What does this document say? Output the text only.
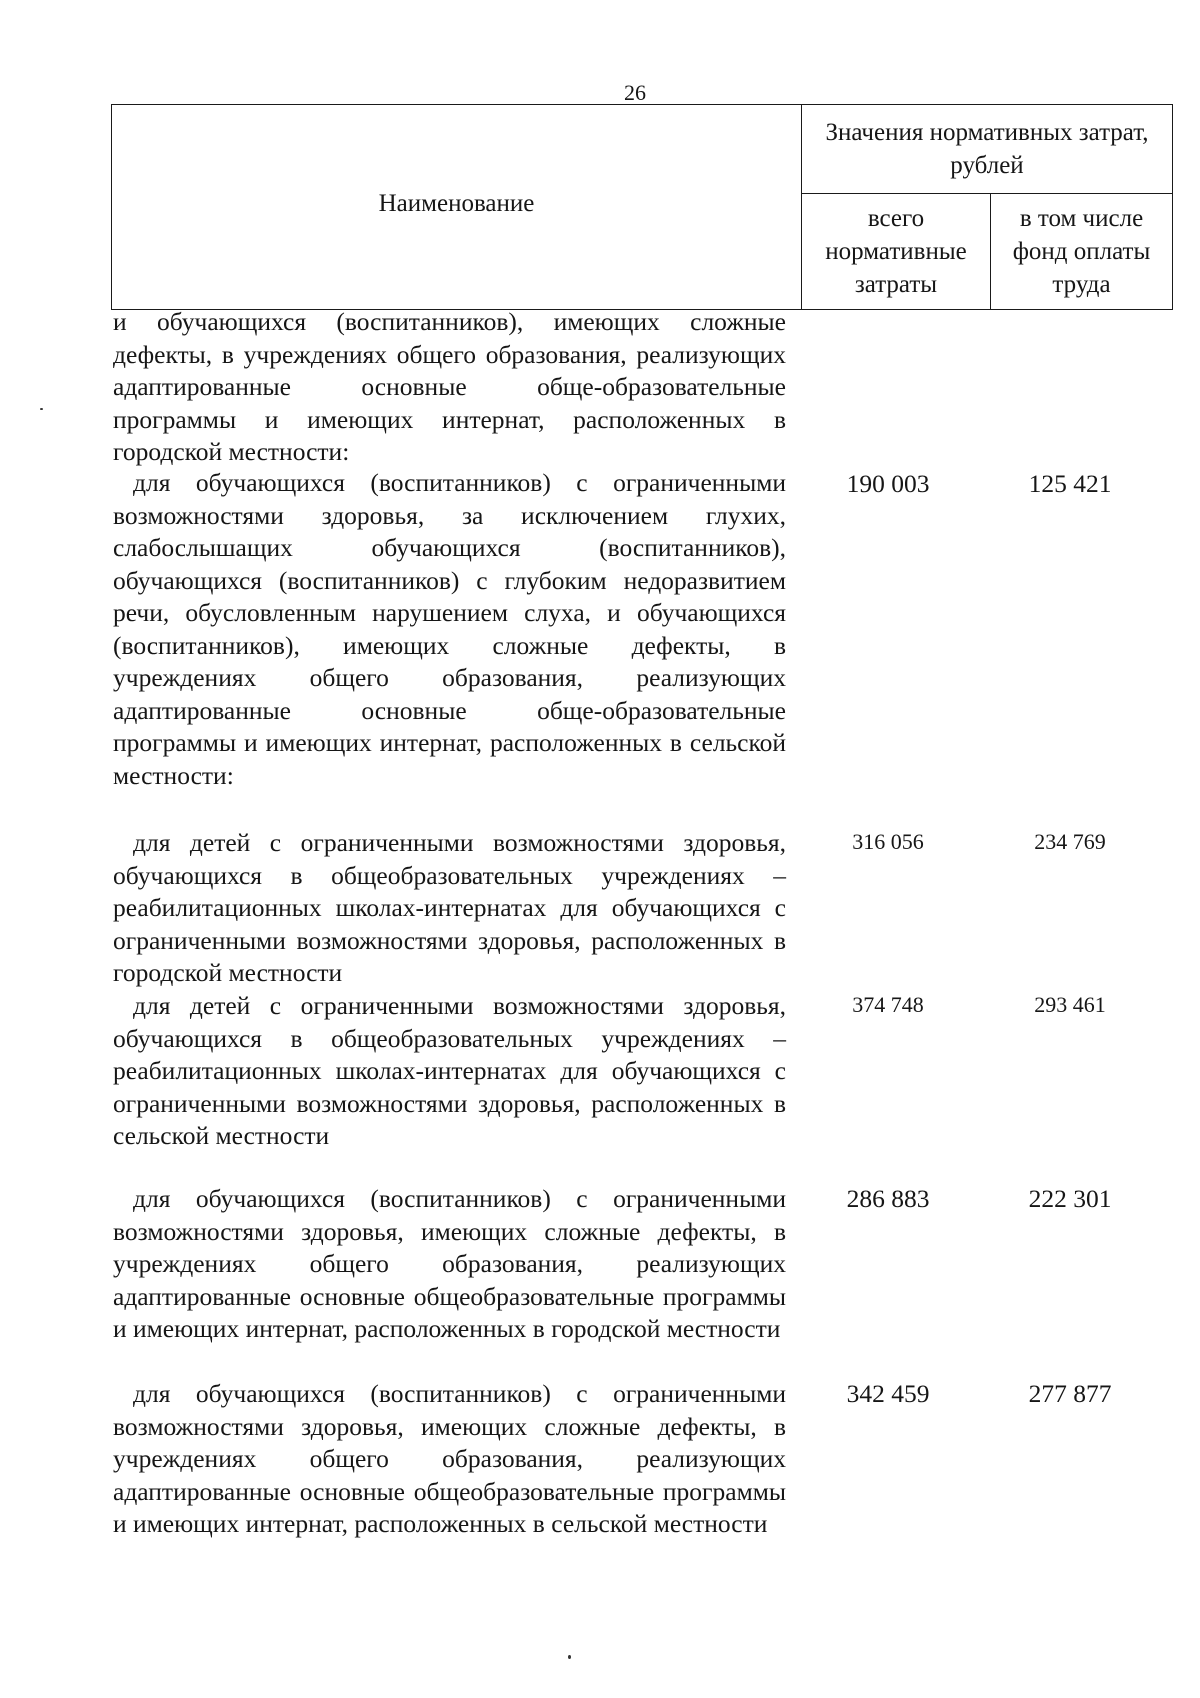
26
Наименование	Значения нормативных затрат, рублей	
	всего нормативные затраты	в том числе фонд оплаты труда

и обучающихся (воспитанников), имеющих сложные дефекты, в учреждениях общего образования, реализующих адаптированные основные обще-образовательные программы и имеющих интернат, расположенных в городской местности:

для обучающихся (воспитанников) с ограниченными возможностями здоровья, за исключением глухих, слабослышащих обучающихся (воспитанников), обучающихся (воспитанников) с глубоким недоразвитием речи, обусловленным нарушением слуха, и обучающихся (воспитанников), имеющих сложные дефекты, в учреждениях общего образования, реализующих адаптированные основные обще-образовательные программы и имеющих интернат, расположенных в сельской местности:

190 003	125 421

для детей с ограниченными возможностями здоровья, обучающихся в общеобразовательных учреждениях – реабилитационных школах-интернатах для обучающихся с ограниченными возможностями здоровья, расположенных в городской местности

316 056	234 769

для детей с ограниченными возможностями здоровья, обучающихся в общеобразовательных учреждениях – реабилитационных школах-интернатах для обучающихся с ограниченными возможностями здоровья, расположенных в сельской местности

374 748	293 461

для обучающихся (воспитанников) с ограниченными возможностями здоровья, имеющих сложные дефекты, в учреждениях общего образования, реализующих адаптированные основные общеобразовательные программы и имеющих интернат, расположенных в городской местности

286 883	222 301

для обучающихся (воспитанников) с ограниченными возможностями здоровья, имеющих сложные дефекты, в учреждениях общего образования, реализующих адаптированные основные общеобразовательные программы и имеющих интернат, расположенных в сельской местности

342 459	277 877
